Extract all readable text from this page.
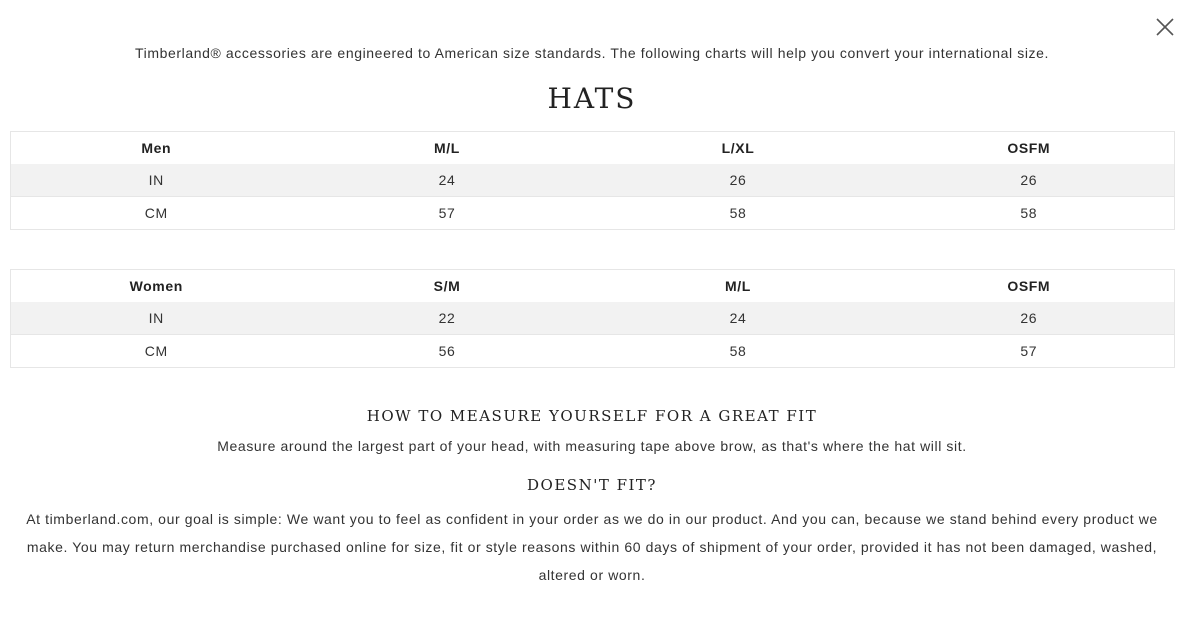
Timberland® accessories are engineered to American size standards. The following charts will help you convert your international size.
HATS
Men	M/L	L/XL	OSFM
IN	24	26	26
CM	57	58	58
Women	S/M	M/L	OSFM
IN	22	24	26
CM	56	58	57
HOW TO MEASURE YOURSELF FOR A GREAT FIT
Measure around the largest part of your head, with measuring tape above brow, as that's where the hat will sit.
DOESN'T FIT?
At timberland.com, our goal is simple: We want you to feel as confident in your order as we do in our product. And you can, because we stand behind every product we make. You may return merchandise purchased online for size, fit or style reasons within 60 days of shipment of your order, provided it has not been damaged, washed, altered or worn.
